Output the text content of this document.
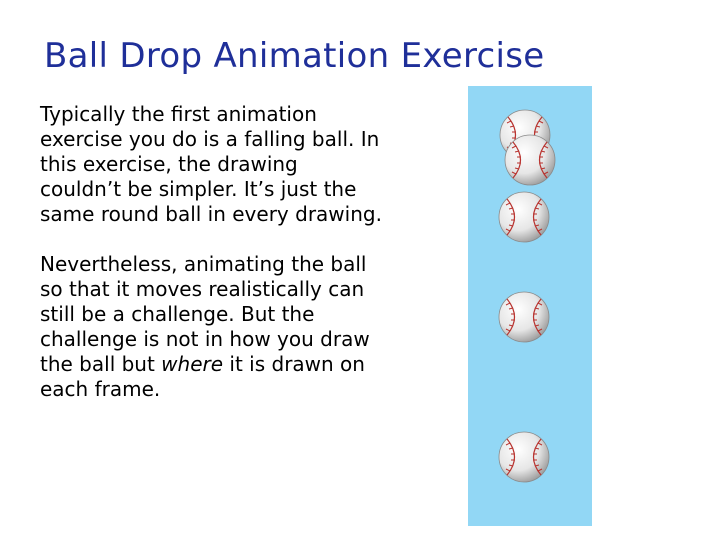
Ball Drop Animation Exercise

Typically the first animation
exercise you do is a falling ball. In
this exercise, the drawing
couldn’t be simpler. It’s just the
same round ball in every drawing.

Nevertheless, animating the ball
so that it moves realistically can
still be a challenge. But the
challenge is not in how you draw
the ball but where it is drawn on
each frame.
